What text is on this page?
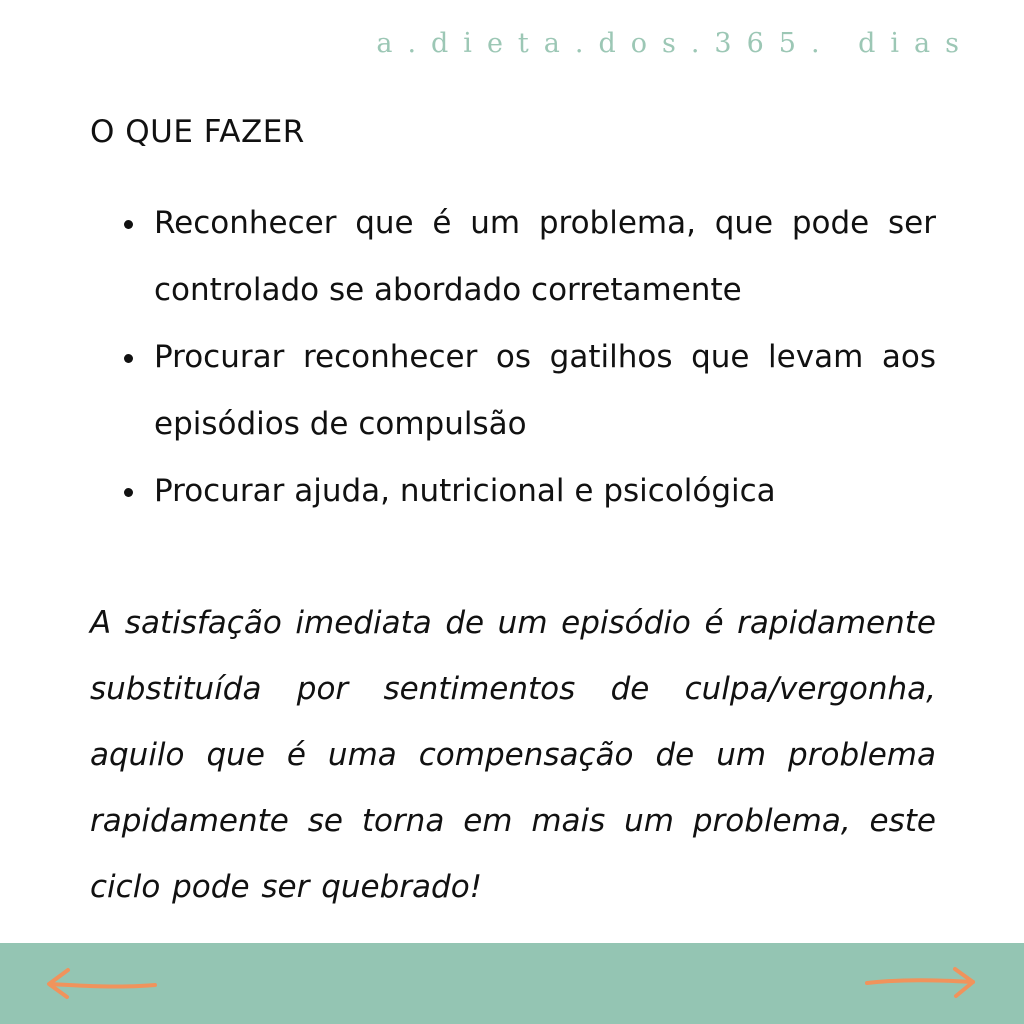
a.dieta.dos.365. dias
O QUE FAZER
Reconhecer que é um problema, que pode ser controlado se abordado corretamente
Procurar reconhecer os gatilhos que levam aos episódios de compulsão
Procurar ajuda, nutricional e psicológica

A satisfação imediata de um episódio é rapidamente substituída por sentimentos de culpa/vergonha, aquilo que é uma compensação de um problema rapidamente se torna em mais um problema, este ciclo pode ser quebrado!
